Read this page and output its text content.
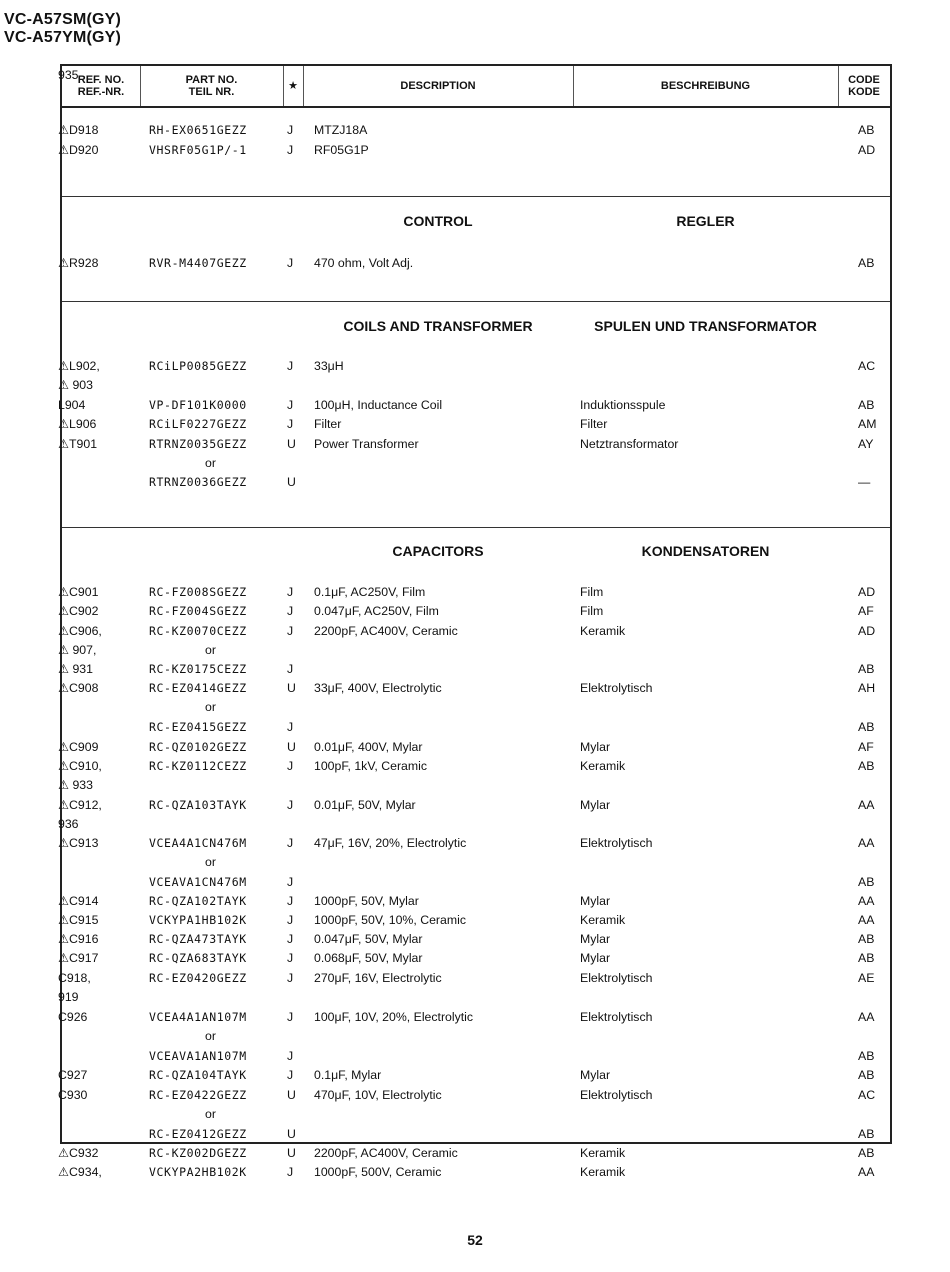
VC-A57SM(GY)
VC-A57YM(GY)
REF. NO.
REF.-NR.
PART NO.
TEIL NR.	★	DESCRIPTION	BESCHREIBUNG	CODE
KODE
⚠D918	RH-EX0651GEZZ	J MTZJ18A	AB
⚠D920	VHSRF05G1P/-1	J RF05G1P	AD
CONTROL	REGLER
⚠R928	RVR-M4407GEZZ	J 470 ohm, Volt Adj.	AB
COILS AND TRANSFORMER	SPULEN UND TRANSFORMATOR
⚠L902,	RCiLP0085GEZZ	J 33μH	AC
⚠ 903
L904	VP-DF101K0000	J 100μH, Inductance Coil	Induktionsspule	AB
⚠L906	RCiLF0227GEZZ	J Filter	Filter	AM
⚠T901	RTRNZ0035GEZZ	U Power Transformer	Netztransformator	AY
or
RTRNZ0036GEZZ	U	—
CAPACITORS	KONDENSATOREN
⚠C901	RC-FZ008SGEZZ	J 0.1μF, AC250V, Film	Film	AD
⚠C902	RC-FZ004SGEZZ	J 0.047μF, AC250V, Film	Film	AF
⚠C906,	RC-KZ0070CEZZ	J 2200pF, AC400V, Ceramic	Keramik	AD
⚠ 907,	or
⚠ 931	RC-KZ0175CEZZ	J	AB
⚠C908	RC-EZ0414GEZZ	U 33μF, 400V, Electrolytic	Elektrolytisch	AH
or
RC-EZ0415GEZZ	J	AB
⚠C909	RC-QZ0102GEZZ	U 0.01μF, 400V, Mylar	Mylar	AF
⚠C910,	RC-KZ0112CEZZ	J 100pF, 1kV, Ceramic	Keramik	AB
⚠ 933
⚠C912,	RC-QZA103TAYK	J 0.01μF, 50V, Mylar	Mylar	AA
936
⚠C913	VCEA4A1CN476M	J 47μF, 16V, 20%, Electrolytic	Elektrolytisch	AA
or
VCEAVA1CN476M	J	AB
⚠C914	RC-QZA102TAYK	J 1000pF, 50V, Mylar	Mylar	AA
⚠C915	VCKYPA1HB102K	J 1000pF, 50V, 10%, Ceramic	Keramik	AA
⚠C916	RC-QZA473TAYK	J 0.047μF, 50V, Mylar	Mylar	AB
⚠C917	RC-QZA683TAYK	J 0.068μF, 50V, Mylar	Mylar	AB
C918,	RC-EZ0420GEZZ	J 270μF, 16V, Electrolytic	Elektrolytisch	AE
919
C926	VCEA4A1AN107M	J 100μF, 10V, 20%, Electrolytic	Elektrolytisch	AA
or
VCEAVA1AN107M	J	AB
C927	RC-QZA104TAYK	J 0.1μF, Mylar	Mylar	AB
C930	RC-EZ0422GEZZ	U 470μF, 10V, Electrolytic	Elektrolytisch	AC
or
RC-EZ0412GEZZ	U	AB
⚠C932	RC-KZ002DGEZZ	U 2200pF, AC400V, Ceramic	Keramik	AB
⚠C934,	VCKYPA2HB102K	J 1000pF, 500V, Ceramic	Keramik	AA
935
52
